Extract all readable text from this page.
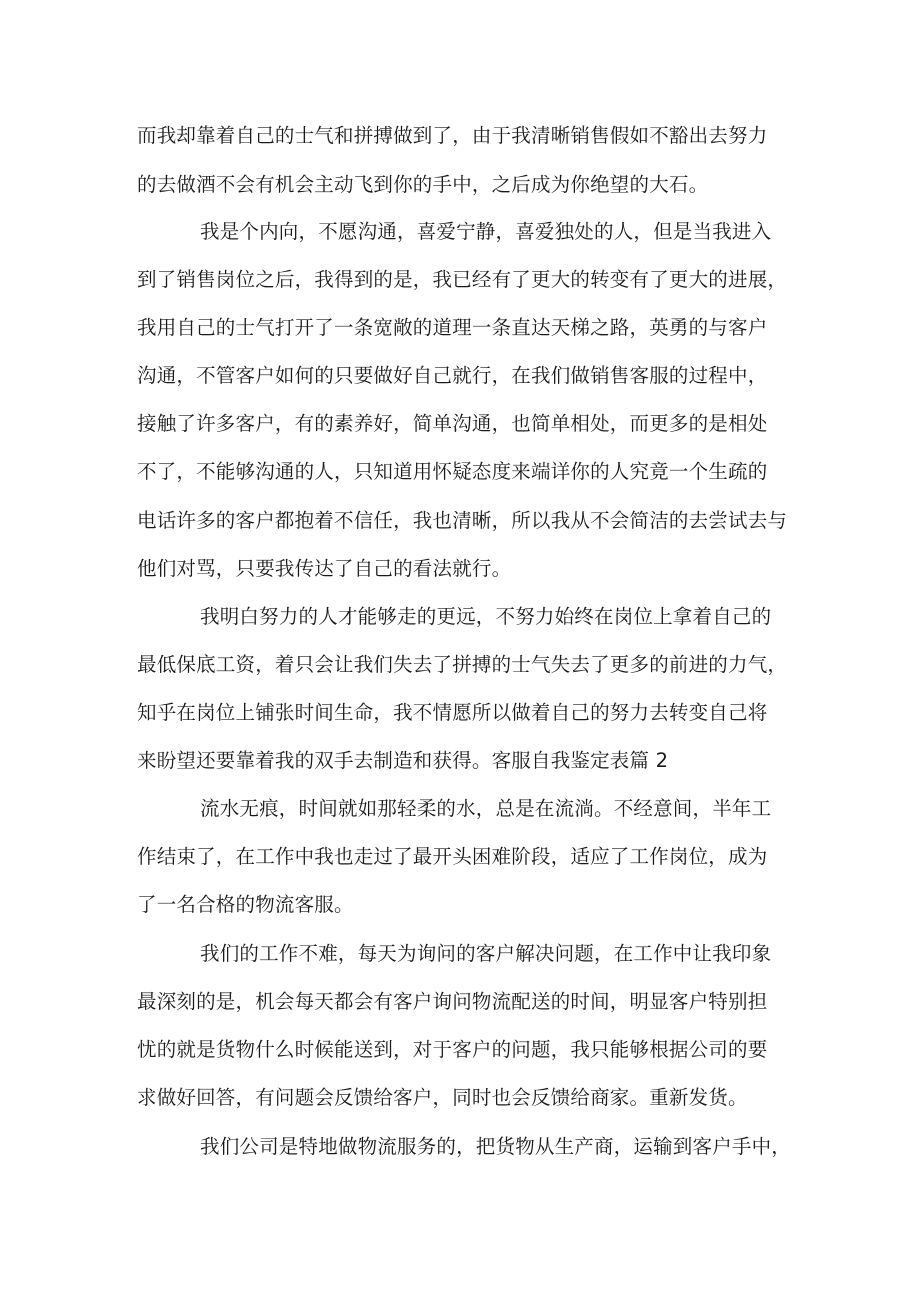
而我却靠着自己的士气和拼搏做到了，由于我清晰销售假如不豁出去努力
的去做酒不会有机会主动飞到你的手中，之后成为你绝望的大石。
我是个内向，不愿沟通，喜爱宁静，喜爱独处的人，但是当我进入
到了销售岗位之后，我得到的是，我已经有了更大的转变有了更大的进展，
我用自己的士气打开了一条宽敞的道理一条直达天梯之路，英勇的与客户
沟通，不管客户如何的只要做好自己就行，在我们做销售客服的过程中，
接触了许多客户，有的素养好，简单沟通，也简单相处，而更多的是相处
不了，不能够沟通的人，只知道用怀疑态度来端详你的人究竟一个生疏的
电话许多的客户都抱着不信任，我也清晰，所以我从不会简洁的去尝试去与
他们对骂，只要我传达了自己的看法就行。
我明白努力的人才能够走的更远，不努力始终在岗位上拿着自己的
最低保底工资，着只会让我们失去了拼搏的士气失去了更多的前进的力气，
知乎在岗位上铺张时间生命，我不情愿所以做着自己的努力去转变自己将
来盼望还要靠着我的双手去制造和获得。客服自我鉴定表篇 2
流水无痕，时间就如那轻柔的水，总是在流淌。不经意间，半年工
作结束了，在工作中我也走过了最开头困难阶段，适应了工作岗位，成为
了一名合格的物流客服。
我们的工作不难，每天为询问的客户解决问题，在工作中让我印象
最深刻的是，机会每天都会有客户询问物流配送的时间，明显客户特别担
忧的就是货物什么时候能送到，对于客户的问题，我只能够根据公司的要
求做好回答，有问题会反馈给客户，同时也会反馈给商家。重新发货。
我们公司是特地做物流服务的，把货物从生产商，运输到客户手中，
